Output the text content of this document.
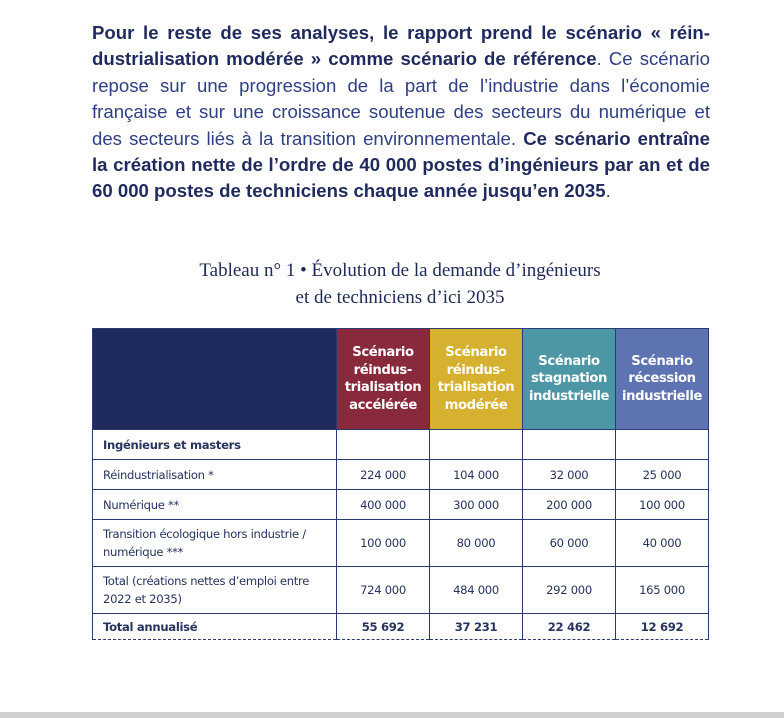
Pour le reste de ses analyses, le rapport prend le scénario « réindustrialisation modérée » comme scénario de référence. Ce scénario repose sur une progression de la part de l’industrie dans l’économie française et sur une croissance soutenue des secteurs du numérique et des secteurs liés à la transition environnementale. Ce scénario entraîne la création nette de l’ordre de 40 000 postes d’ingénieurs par an et de 60 000 postes de techniciens chaque année jusqu’en 2035.
Tableau n° 1 • Évolution de la demande d’ingénieurs
et de techniciens d’ici 2035
	Scénario réindustrialisation accélérée	Scénario réindustrialisation modérée	Scénario stagnation industrielle	Scénario récession industrielle
Ingénieurs et masters				
Réindustrialisation *	224 000	104 000	32 000	25 000
Numérique **	400 000	300 000	200 000	100 000
Transition écologique hors industrie / numérique ***	100 000	80 000	60 000	40 000
Total (créations nettes d’emploi entre 2022 et 2035)	724 000	484 000	292 000	165 000
Total annualisé	55 692	37 231	22 462	12 692
